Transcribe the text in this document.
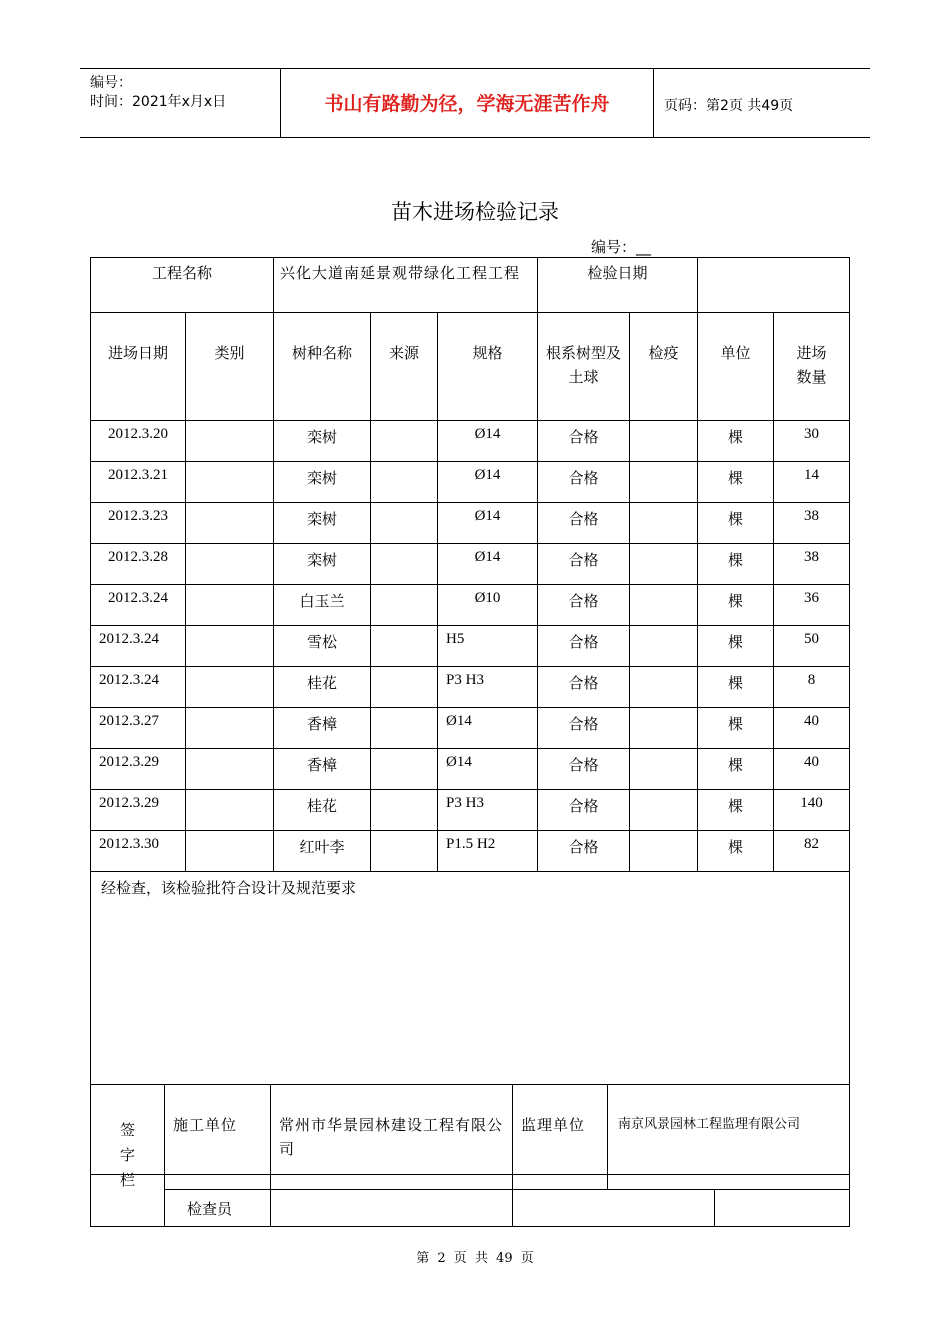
编号：
时间：2021年x月x日	书山有路勤为径，学海无涯苦作舟	页码：第2页 共49页
苗木进场检验记录
编号：__
工程名称		兴化大道南延景观带绿化工程工程			检验日期			
进场日期	类别	树种名称	来源	规格	根系树型及土球	检疫	单位	进场数量
2012.3.20		栾树		Ø14	合格		棵	30
2012.3.21		栾树		Ø14	合格		棵	14
2012.3.23		栾树		Ø14	合格		棵	38
2012.3.28		栾树		Ø14	合格		棵	38
2012.3.24		白玉兰		Ø10	合格		棵	36
2012.3.24		雪松		H5	合格		棵	50
2012.3.24		桂花		P3 H3	合格		棵	8
2012.3.27		香樟		Ø14	合格		棵	40
2012.3.29		香樟		Ø14	合格		棵	40
2012.3.29		桂花		P3 H3	合格		棵	140
2012.3.30		红叶李		P1.5 H2	合格		棵	82
经检查，该检验批符合设计及规范要求								
签
字
栏	施工单位	常州市华景园林建设工程有限公司	监理单位	南京风景园林工程监理有限公司	
	检查员				
第 2 页 共 49 页
